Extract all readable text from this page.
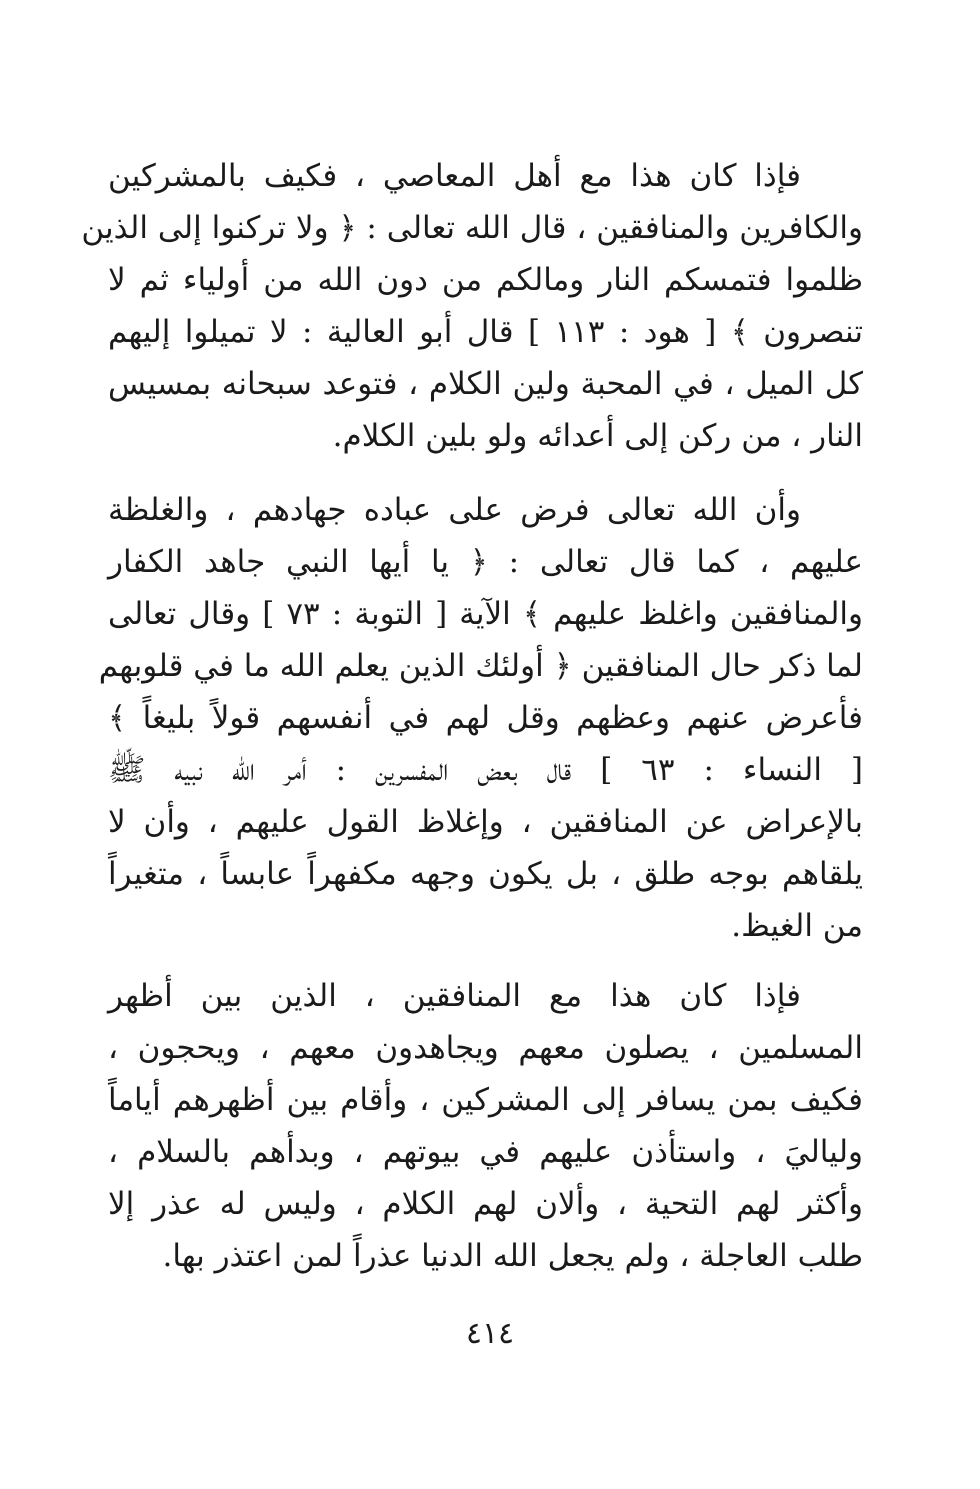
فإذا كان هذا مع أهل المعاصي ، فكيف بالمشركين
والكافرين والمنافقين ، قال الله تعالى : ﴿ ولا تركنوا إلى الذين
ظلموا فتمسكم النار ومالكم من دون الله من أولياء ثم لا
تنصرون ﴾ [ هود : ١١٣ ] قال أبو العالية : لا تميلوا إليهم
كل الميل ، في المحبة ولين الكلام ، فتوعد سبحانه بمسيس
النار ، من ركن إلى أعدائه ولو بلين الكلام.
وأن الله تعالى فرض على عباده جهادهم ، والغلظة
عليهم ، كما قال تعالى : ﴿ يا أيها النبي جاهد الكفار
والمنافقين واغلظ عليهم ﴾ الآية [ التوبة : ٧٣ ] وقال تعالى
لما ذكر حال المنافقين ﴿ أولئك الذين يعلم الله ما في قلوبهم
فأعرض عنهم وعظهم وقل لهم في أنفسهم قولاً بليغاً ﴾
[ النساء : ٦٣ ] قال بعض المفسرين : أمر الله نبيه ﷺ
بالإعراض عن المنافقين ، وإغلاظ القول عليهم ، وأن لا
يلقاهم بوجه طلق ، بل يكون وجهه مكفهراً عابساً ، متغيراً
من الغيظ.
فإذا كان هذا مع المنافقين ، الذين بين أظهر
المسلمين ، يصلون معهم ويجاهدون معهم ، ويحجون ،
فكيف بمن يسافر إلى المشركين ، وأقام بين أظهرهم أياماً
ولياليَ ، واستأذن عليهم في بيوتهم ، وبدأهم بالسلام ،
وأكثر لهم التحية ، وألان لهم الكلام ، وليس له عذر إلا
طلب العاجلة ، ولم يجعل الله الدنيا عذراً لمن اعتذر بها.
٤١٤
